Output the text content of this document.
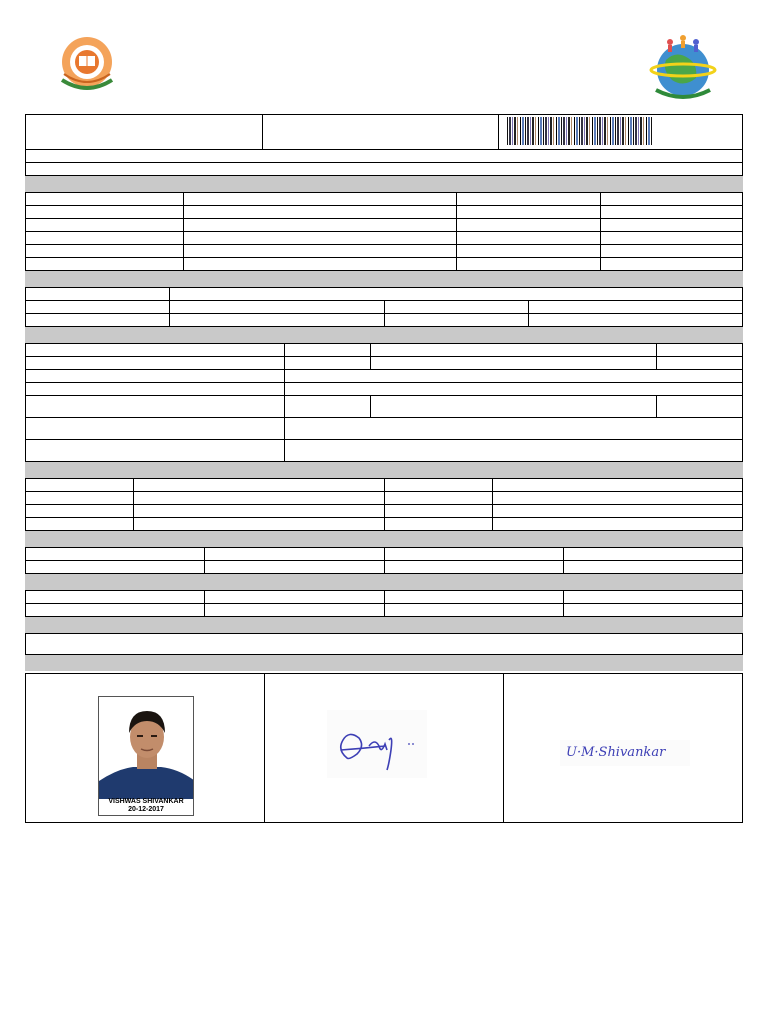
VISHWAS SHIVANKAR
20-12-2017
U·M·Shivankar
